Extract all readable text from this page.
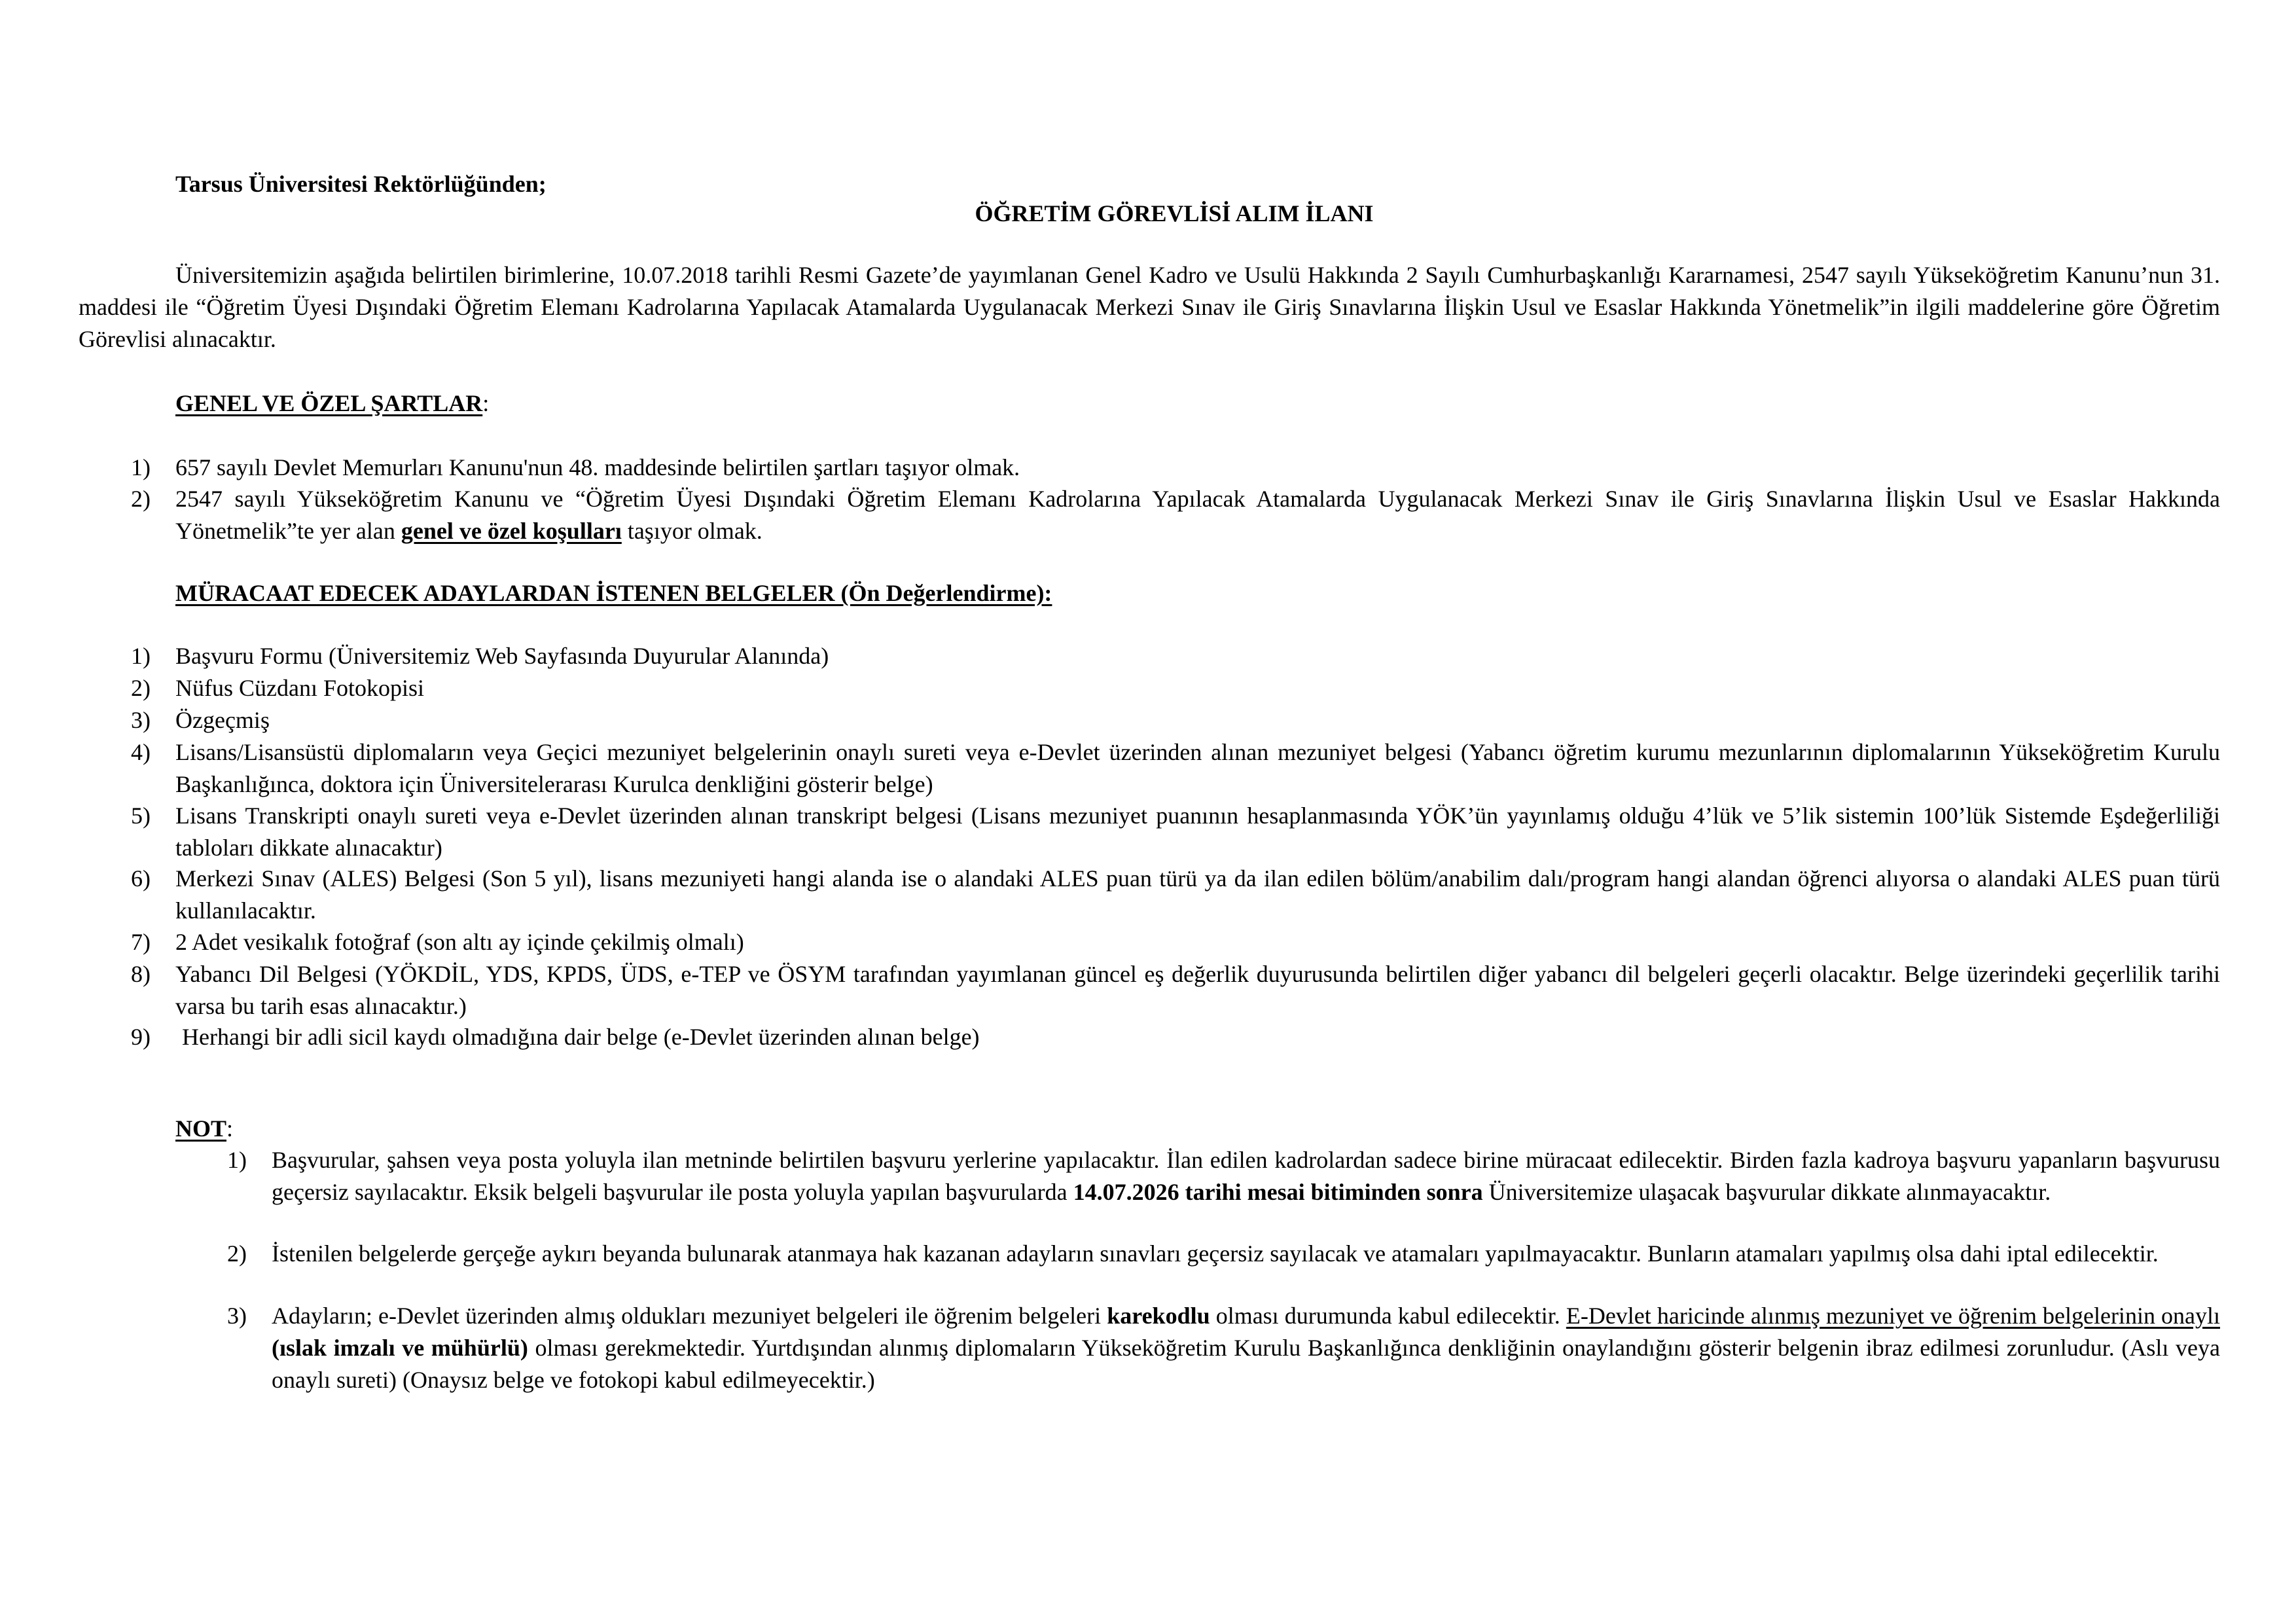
Tarsus Üniversitesi Rektörlüğünden;
ÖĞRETİM GÖREVLİSİ ALIM İLANI
Üniversitemizin aşağıda belirtilen birimlerine, 10.07.2018 tarihli Resmi Gazete’de yayımlanan Genel Kadro ve Usulü Hakkında 2 Sayılı Cumhurbaşkanlığı Kararnamesi, 2547 sayılı Yükseköğretim Kanunu’nun 31. maddesi ile “Öğretim Üyesi Dışındaki Öğretim Elemanı Kadrolarına Yapılacak Atamalarda Uygulanacak Merkezi Sınav ile Giriş Sınavlarına İlişkin Usul ve Esaslar Hakkında Yönetmelik”in ilgili maddelerine göre Öğretim Görevlisi alınacaktır.
GENEL VE ÖZEL ŞARTLAR:
1) 657 sayılı Devlet Memurları Kanunu'nun 48. maddesinde belirtilen şartları taşıyor olmak.
2) 2547 sayılı Yükseköğretim Kanunu ve “Öğretim Üyesi Dışındaki Öğretim Elemanı Kadrolarına Yapılacak Atamalarda Uygulanacak Merkezi Sınav ile Giriş Sınavlarına İlişkin Usul ve Esaslar Hakkında Yönetmelik”te yer alan genel ve özel koşulları taşıyor olmak.
MÜRACAAT EDECEK ADAYLARDAN İSTENEN BELGELER (Ön Değerlendirme):
1) Başvuru Formu (Üniversitemiz Web Sayfasında Duyurular Alanında)
2) Nüfus Cüzdanı Fotokopisi
3) Özgeçmiş
4) Lisans/Lisansüstü diplomaların veya Geçici mezuniyet belgelerinin onaylı sureti veya e-Devlet üzerinden alınan mezuniyet belgesi (Yabancı öğretim kurumu mezunlarının diplomalarının Yükseköğretim Kurulu Başkanlığınca, doktora için Üniversitelerarası Kurulca denkliğini gösterir belge)
5) Lisans Transkripti onaylı sureti veya e-Devlet üzerinden alınan transkript belgesi (Lisans mezuniyet puanının hesaplanmasında YÖK’ün yayınlamış olduğu 4’lük ve 5’lik sistemin 100’lük Sistemde Eşdeğerliliği tabloları dikkate alınacaktır)
6) Merkezi Sınav (ALES) Belgesi (Son 5 yıl), lisans mezuniyeti hangi alanda ise o alandaki ALES puan türü ya da ilan edilen bölüm/anabilim dalı/program hangi alandan öğrenci alıyorsa o alandaki ALES puan türü kullanılacaktır.
7) 2 Adet vesikalık fotoğraf (son altı ay içinde çekilmiş olmalı)
8) Yabancı Dil Belgesi (YÖKDİL, YDS, KPDS, ÜDS, e-TEP ve ÖSYM tarafından yayımlanan güncel eş değerlik duyurusunda belirtilen diğer yabancı dil belgeleri geçerli olacaktır. Belge üzerindeki geçerlilik tarihi varsa bu tarih esas alınacaktır.)
9) Herhangi bir adli sicil kaydı olmadığına dair belge (e-Devlet üzerinden alınan belge)
NOT:
1) Başvurular, şahsen veya posta yoluyla ilan metninde belirtilen başvuru yerlerine yapılacaktır. İlan edilen kadrolardan sadece birine müracaat edilecektir. Birden fazla kadroya başvuru yapanların başvurusu geçersiz sayılacaktır. Eksik belgeli başvurular ile posta yoluyla yapılan başvurularda 14.07.2026 tarihi mesai bitiminden sonra Üniversitemize ulaşacak başvurular dikkate alınmayacaktır.
2) İstenilen belgelerde gerçeğe aykırı beyanda bulunarak atanmaya hak kazanan adayların sınavları geçersiz sayılacak ve atamaları yapılmayacaktır. Bunların atamaları yapılmış olsa dahi iptal edilecektir.
3) Adayların; e-Devlet üzerinden almış oldukları mezuniyet belgeleri ile öğrenim belgeleri karekodlu olması durumunda kabul edilecektir. E-Devlet haricinde alınmış mezuniyet ve öğrenim belgelerinin onaylı (ıslak imzalı ve mühürlü) olması gerekmektedir. Yurtdışından alınmış diplomaların Yükseköğretim Kurulu Başkanlığınca denkliğinin onaylandığını gösterir belgenin ibraz edilmesi zorunludur. (Aslı veya onaylı sureti) (Onaysız belge ve fotokopi kabul edilmeyecektir.)
